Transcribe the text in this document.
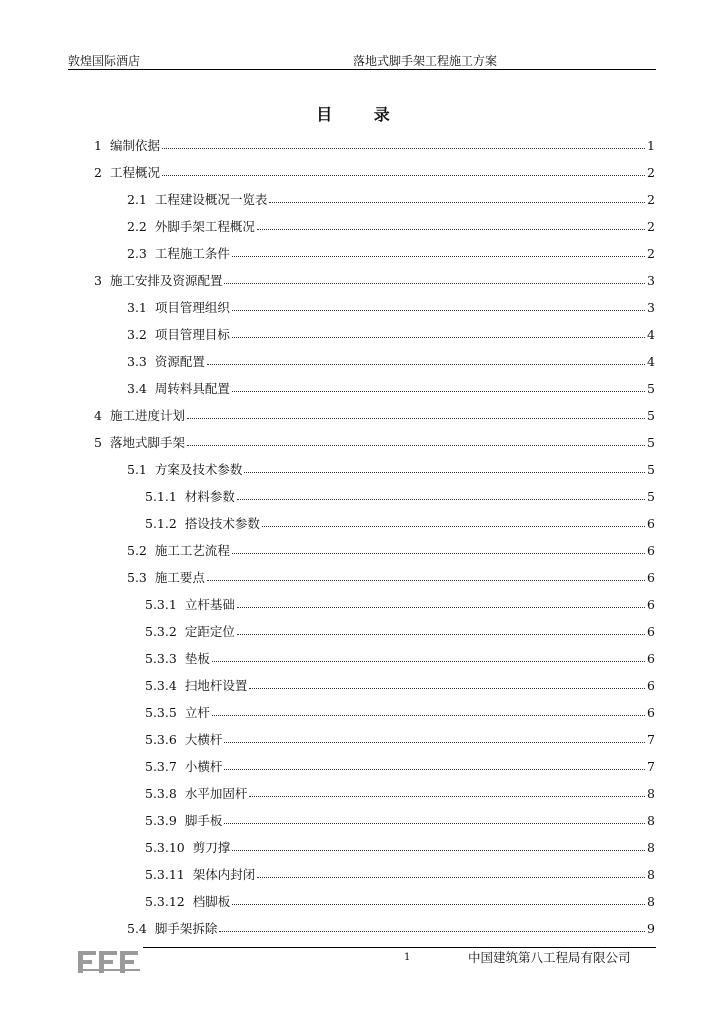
敦煌国际酒店	落地式脚手架工程施工方案
目 录
1 编制依据	1
2 工程概况	2
2.1 工程建设概况一览表	2
2.2 外脚手架工程概况	2
2.3 工程施工条件	2
3 施工安排及资源配置	3
3.1 项目管理组织	3
3.2 项目管理目标	4
3.3 资源配置	4
3.4 周转料具配置	5
4 施工进度计划	5
5 落地式脚手架	5
5.1 方案及技术参数	5
5.1.1 材料参数	5
5.1.2 搭设技术参数	6
5.2 施工工艺流程	6
5.3 施工要点	6
5.3.1 立杆基础	6
5.3.2 定距定位	6
5.3.3 垫板	6
5.3.4 扫地杆设置	6
5.3.5 立杆	6
5.3.6 大横杆	7
5.3.7 小横杆	7
5.3.8 水平加固杆	8
5.3.9 脚手板	8
5.3.10 剪刀撑	8
5.3.11 架体内封闭	8
5.3.12 档脚板	8
5.4 脚手架拆除	9
1	中国建筑第八工程局有限公司
